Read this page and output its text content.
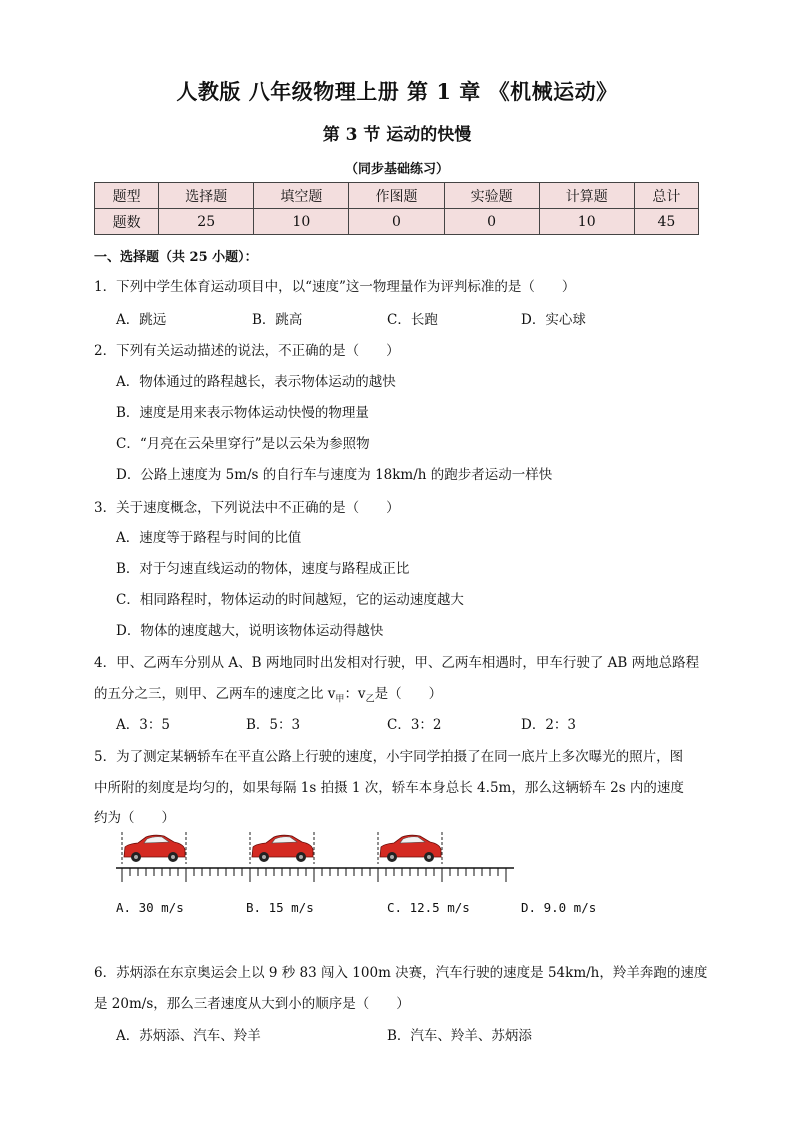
人教版 八年级物理上册 第 1 章 《机械运动》
第 3 节 运动的快慢
（同步基础练习）
题型	选择题	填空题	作图题	实验题	计算题	总计
题数	25	10	0	0	10	45
一、选择题（共 25 小题）：
1．下列中学生体育运动项目中，以“速度”这一物理量作为评判标准的是（　　）
A．跳远	B．跳高	C．长跑	D．实心球
2．下列有关运动描述的说法，不正确的是（　　）
A．物体通过的路程越长，表示物体运动的越快
B．速度是用来表示物体运动快慢的物理量
C．“月亮在云朵里穿行”是以云朵为参照物
D．公路上速度为 5m/s 的自行车与速度为 18km/h 的跑步者运动一样快
3．关于速度概念，下列说法中不正确的是（　　）
A．速度等于路程与时间的比值
B．对于匀速直线运动的物体，速度与路程成正比
C．相同路程时，物体运动的时间越短，它的运动速度越大
D．物体的速度越大，说明该物体运动得越快
4．甲、乙两车分别从 A、B 两地同时出发相对行驶，甲、乙两车相遇时，甲车行驶了 AB 两地总路程
的五分之三，则甲、乙两车的速度之比 $v_甲$：$v_乙$是（　　）
A．3：5	B．5：3	C．3：2	D．2：3
5．为了测定某辆轿车在平直公路上行驶的速度，小宇同学拍摄了在同一底片上多次曝光的照片，图
中所附的刻度是均匀的，如果每隔 1s 拍摄 1 次，轿车本身总长 4.5m，那么这辆轿车 2s 内的速度
约为（　　）
A. 30 m/s	B. 15 m/s	C. 12.5 m/s	D. 9.0 m/s
6．苏炳添在东京奥运会上以 9 秒 83 闯入 100m 决赛，汽车行驶的速度是 54km/h，羚羊奔跑的速度
是 20m/s，那么三者速度从大到小的顺序是（　　）
A．苏炳添、汽车、羚羊	B．汽车、羚羊、苏炳添
